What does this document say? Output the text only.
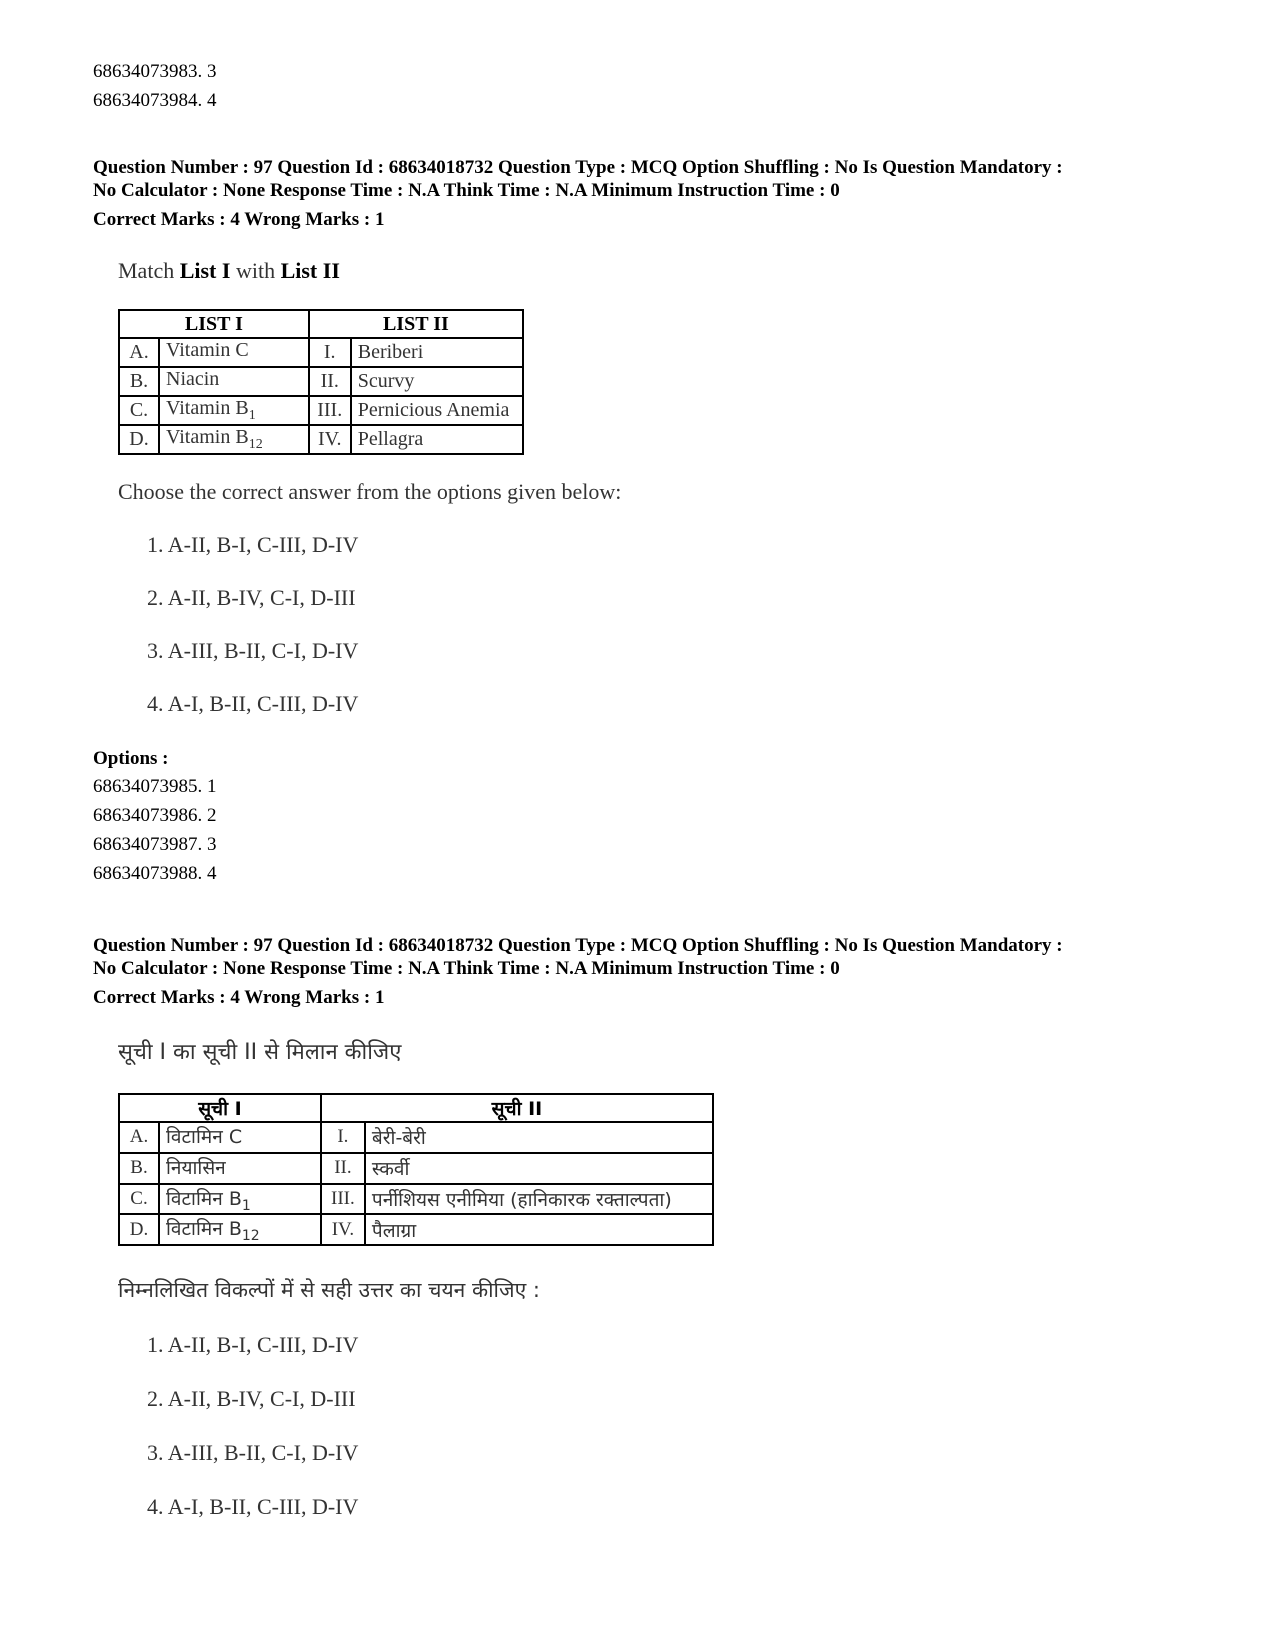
68634073983. 3
68634073984. 4
Question Number : 97 Question Id : 68634018732 Question Type : MCQ Option Shuffling : No Is Question Mandatory :
No Calculator : None Response Time : N.A Think Time : N.A Minimum Instruction Time : 0
Correct Marks : 4 Wrong Marks : 1
Match List I with List II
LIST I		LIST II	
A.	Vitamin C	I.	Beriberi
B.	Niacin	II.	Scurvy
C.	Vitamin $B_1$	III.	Pernicious Anemia
D.	Vitamin $B_{12}$	IV.	Pellagra
Choose the correct answer from the options given below:
1. A-II, B-I, C-III, D-IV
2. A-II, B-IV, C-I, D-III
3. A-III, B-II, C-I, D-IV
4. A-I, B-II, C-III, D-IV
Options :
68634073985. 1
68634073986. 2
68634073987. 3
68634073988. 4
Question Number : 97 Question Id : 68634018732 Question Type : MCQ Option Shuffling : No Is Question Mandatory :
No Calculator : None Response Time : N.A Think Time : N.A Minimum Instruction Time : 0
Correct Marks : 4 Wrong Marks : 1
सूची I का सूची II से मिलान कीजिए
सूची I		सूची II	
A.	विटामिन C	I.	बेरी-बेरी
B.	नियासिन	II.	स्कर्वी
C.	विटामिन $B_1$	III.	पर्नीशियस एनीमिया (हानिकारक रक्ताल्पता)
D.	विटामिन $B_{12}$	IV.	पैलाग्रा
निम्नलिखित विकल्पों में से सही उत्तर का चयन कीजिए :
1. A-II, B-I, C-III, D-IV
2. A-II, B-IV, C-I, D-III
3. A-III, B-II, C-I, D-IV
4. A-I, B-II, C-III, D-IV
